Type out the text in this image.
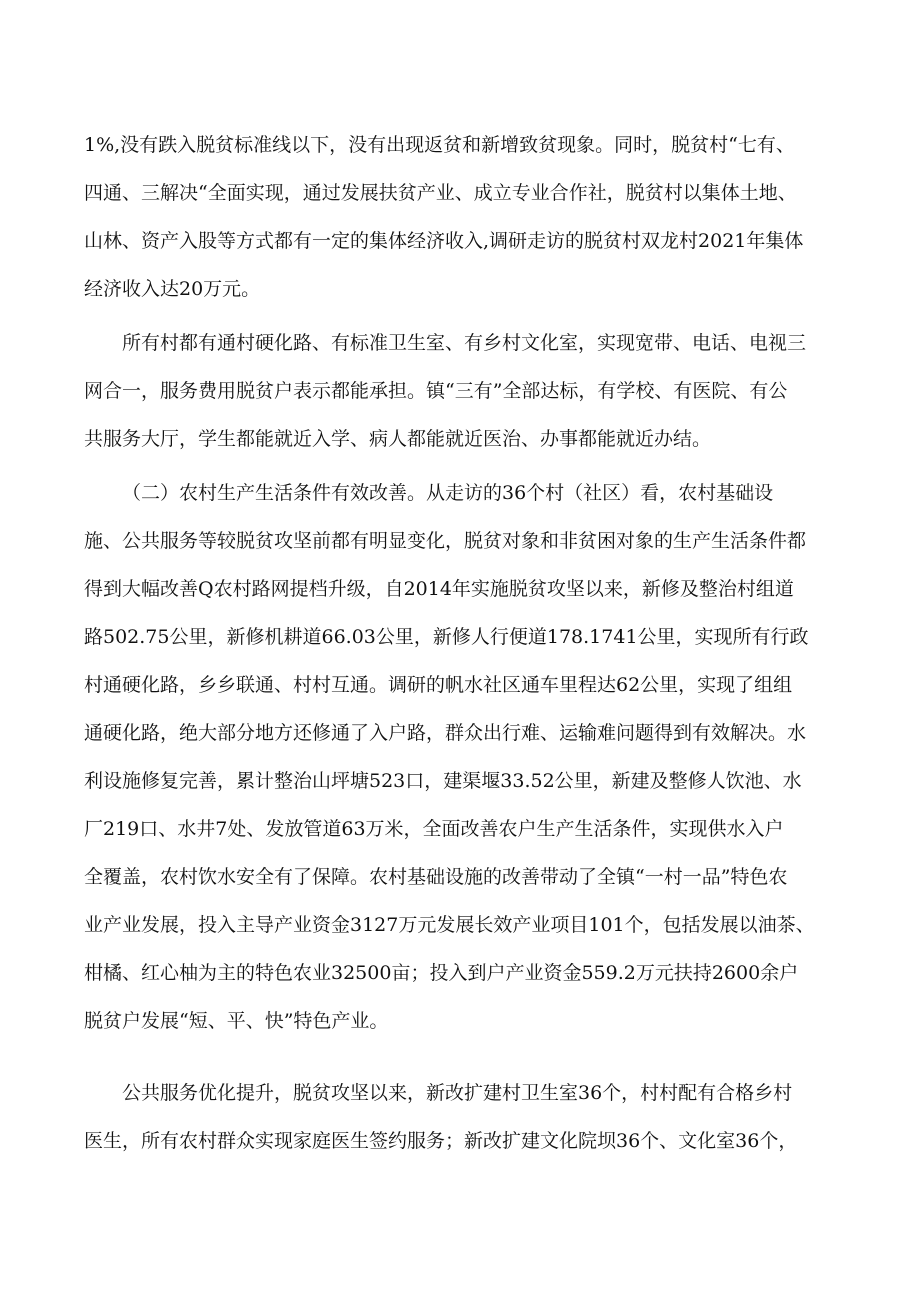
1%,没有跌入脱贫标准线以下，没有出现返贫和新增致贫现象。同时，脱贫村“七有、
四通、三解决“全面实现，通过发展扶贫产业、成立专业合作社，脱贫村以集体土地、
山林、资产入股等方式都有一定的集体经济收入,调研走访的脱贫村双龙村2021年集体
经济收入达20万元。
所有村都有通村硬化路、有标准卫生室、有乡村文化室，实现宽带、电话、电视三
网合一，服务费用脱贫户表示都能承担。镇“三有”全部达标，有学校、有医院、有公
共服务大厅，学生都能就近入学、病人都能就近医治、办事都能就近办结。
（二）农村生产生活条件有效改善。从走访的36个村（社区）看，农村基础设
施、公共服务等较脱贫攻坚前都有明显变化，脱贫对象和非贫困对象的生产生活条件都
得到大幅改善Q农村路网提档升级，自2014年实施脱贫攻坚以来，新修及整治村组道
路502.75公里，新修机耕道66.03公里，新修人行便道178.1741公里，实现所有行政
村通硬化路，乡乡联通、村村互通。调研的帆水社区通车里程达62公里，实现了组组
通硬化路，绝大部分地方还修通了入户路，群众出行难、运输难问题得到有效解决。水
利设施修复完善，累计整治山坪塘523口，建渠堰33.52公里，新建及整修人饮池、水
厂219口、水井7处、发放管道63万米，全面改善农户生产生活条件，实现供水入户
全覆盖，农村饮水安全有了保障。农村基础设施的改善带动了全镇“一村一品”特色农
业产业发展，投入主导产业资金3127万元发展长效产业项目101个，包括发展以油茶、
柑橘、红心柚为主的特色农业32500亩；投入到户产业资金559.2万元扶持2600余户
脱贫户发展“短、平、快”特色产业。
公共服务优化提升，脱贫攻坚以来，新改扩建村卫生室36个，村村配有合格乡村
医生，所有农村群众实现家庭医生签约服务；新改扩建文化院坝36个、文化室36个，
